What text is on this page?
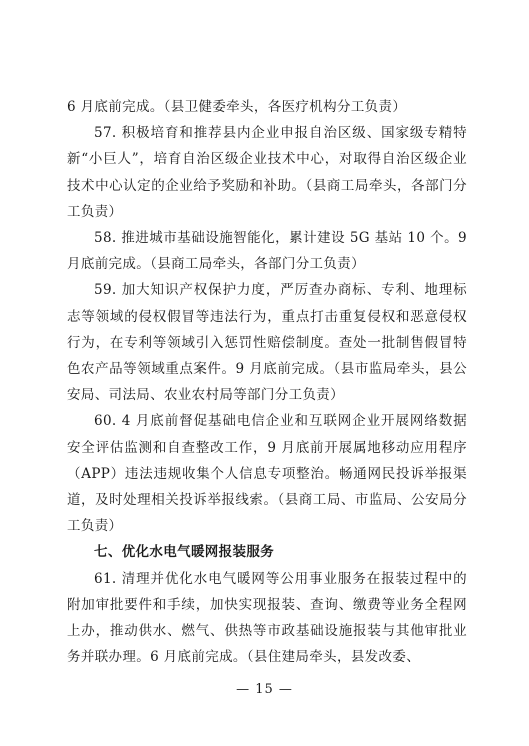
6 月底前完成。（县卫健委牵头，各医疗机构分工负责）

57. 积极培育和推荐县内企业申报自治区级、国家级专精特新“小巨人”，培育自治区级企业技术中心，对取得自治区级企业技术中心认定的企业给予奖励和补助。（县商工局牵头，各部门分工负责）

58. 推进城市基础设施智能化，累计建设 5G 基站 10 个。9 月底前完成。（县商工局牵头，各部门分工负责）

59. 加大知识产权保护力度，严厉查办商标、专利、地理标志等领域的侵权假冒等违法行为，重点打击重复侵权和恶意侵权行为，在专利等领域引入惩罚性赔偿制度。查处一批制售假冒特色农产品等领域重点案件。9 月底前完成。（县市监局牵头，县公安局、司法局、农业农村局等部门分工负责）

60. 4 月底前督促基础电信企业和互联网企业开展网络数据安全评估监测和自查整改工作，9 月底前开展属地移动应用程序（APP）违法违规收集个人信息专项整治。畅通网民投诉举报渠道，及时处理相关投诉举报线索。（县商工局、市监局、公安局分工负责）

七、优化水电气暖网报装服务

61. 清理并优化水电气暖网等公用事业服务在报装过程中的附加审批要件和手续，加快实现报装、查询、缴费等业务全程网上办，推动供水、燃气、供热等市政基础设施报装与其他审批业务并联办理。6 月底前完成。（县住建局牵头，县发改委、

— 15 —
